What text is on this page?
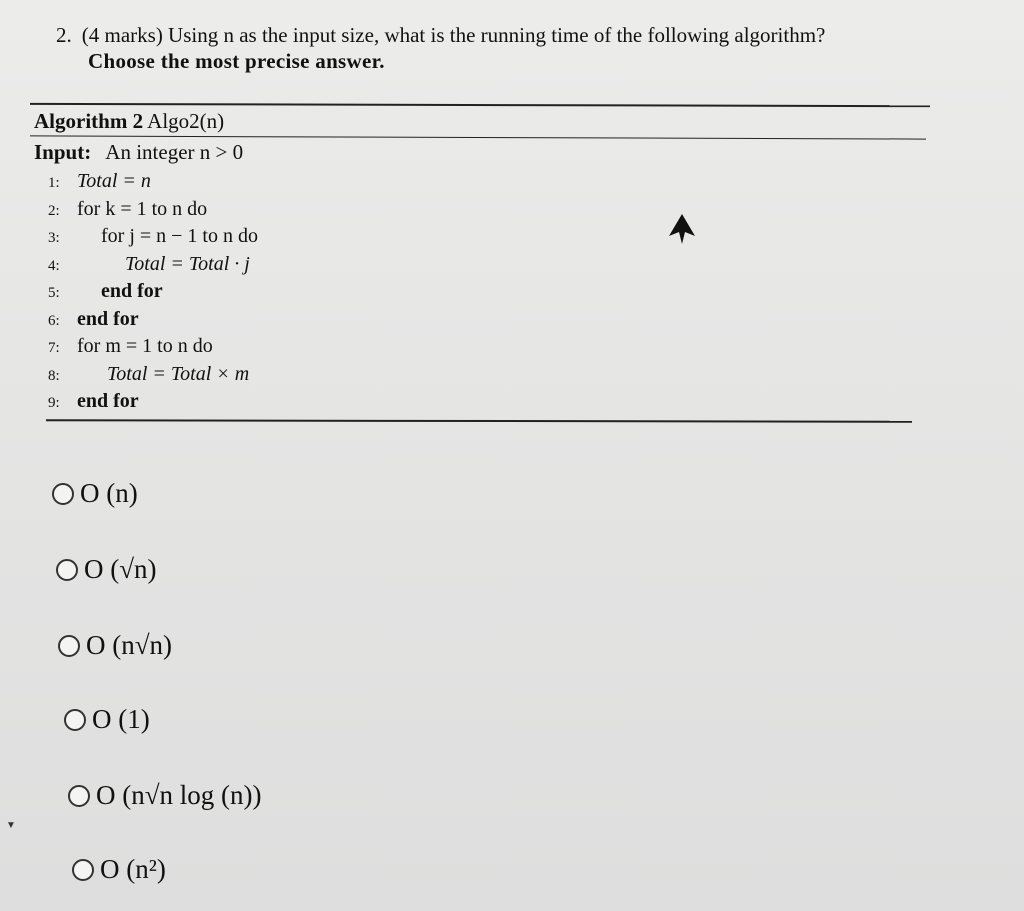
2. (4 marks) Using n as the input size, what is the running time of the following algorithm?
Choose the most precise answer.
Algorithm 2 Algo2(n)
Input: An integer n > 0
1: Total = n
2: for k = 1 to n do
3: for j = n − 1 to n do
4:	Total = Total · j
5: end for
6: end for
7: for m = 1 to n do
8: Total = Total × m
9: end for
O (n)
O (√n)
O (n√n)
O (1)
O (n√n log (n))
O (n²)
▼
